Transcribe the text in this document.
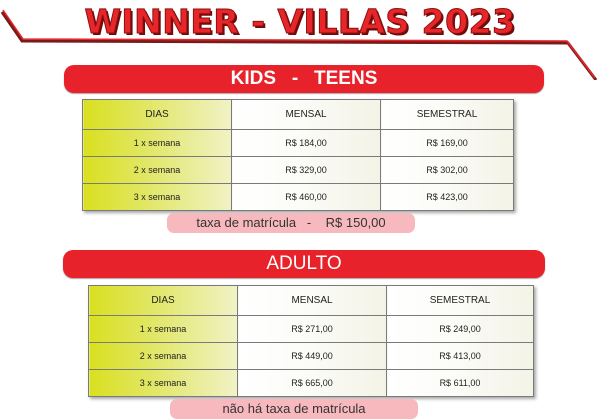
WINNER - VILLAS 2023
KIDS   -   TEENS
DIAS	MENSAL	SEMESTRAL
1 x semana	R$ 184,00	R$ 169,00
2 x semana	R$ 329,00	R$ 302,00
3 x semana	R$ 460,00	R$ 423,00
taxa de matrícula   -    R$ 150,00
ADULTO
DIAS	MENSAL	SEMESTRAL
1 x semana	R$ 271,00	R$ 249,00
2 x semana	R$ 449,00	R$ 413,00
3 x semana	R$ 665,00	R$ 611,00
não há taxa de matrícula
